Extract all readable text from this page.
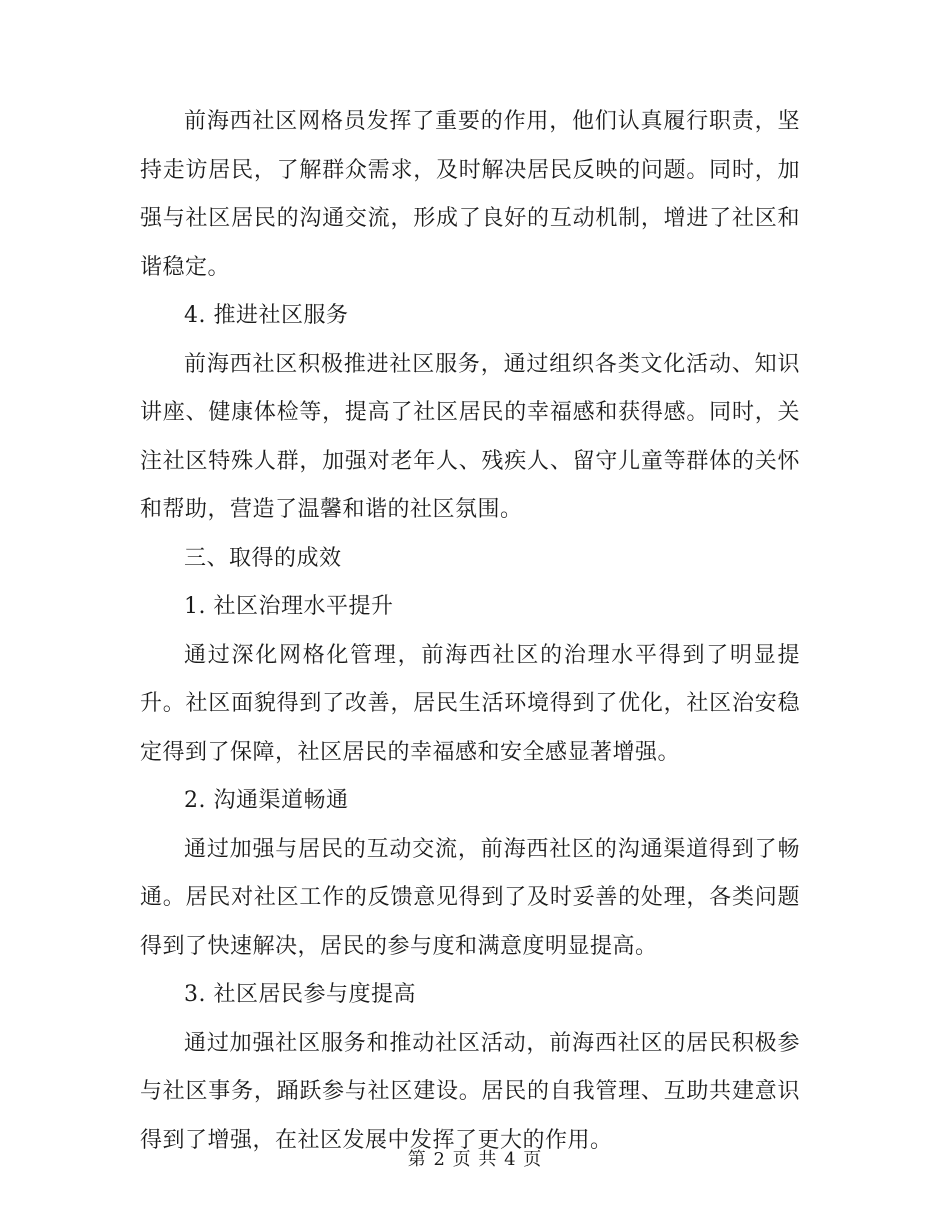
前海西社区网格员发挥了重要的作用，他们认真履行职责，坚持走访居民，了解群众需求，及时解决居民反映的问题。同时，加强与社区居民的沟通交流，形成了良好的互动机制，增进了社区和谐稳定。

4. 推进社区服务

前海西社区积极推进社区服务，通过组织各类文化活动、知识讲座、健康体检等，提高了社区居民的幸福感和获得感。同时，关注社区特殊人群，加强对老年人、残疾人、留守儿童等群体的关怀和帮助，营造了温馨和谐的社区氛围。

三、取得的成效

1. 社区治理水平提升

通过深化网格化管理，前海西社区的治理水平得到了明显提升。社区面貌得到了改善，居民生活环境得到了优化，社区治安稳定得到了保障，社区居民的幸福感和安全感显著增强。

2. 沟通渠道畅通

通过加强与居民的互动交流，前海西社区的沟通渠道得到了畅通。居民对社区工作的反馈意见得到了及时妥善的处理，各类问题得到了快速解决，居民的参与度和满意度明显提高。

3. 社区居民参与度提高

通过加强社区服务和推动社区活动，前海西社区的居民积极参与社区事务，踊跃参与社区建设。居民的自我管理、互助共建意识得到了增强，在社区发展中发挥了更大的作用。

第 2 页 共 4 页
